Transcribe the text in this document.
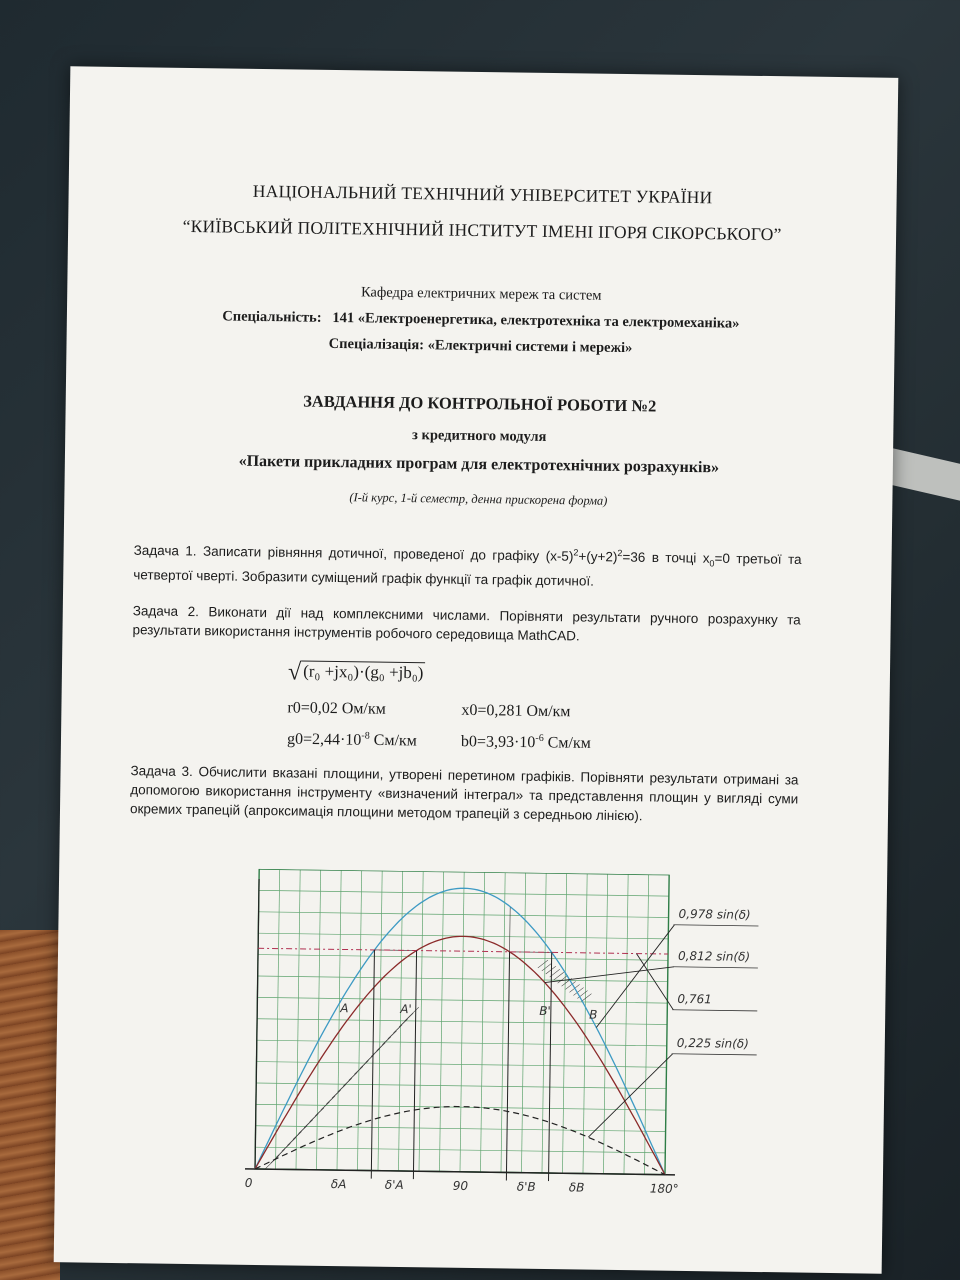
НАЦІОНАЛЬНИЙ ТЕХНІЧНИЙ УНІВЕРСИТЕТ УКРАЇНИ
“КИЇВСЬКИЙ ПОЛІТЕХНІЧНИЙ ІНСТИТУТ ІМЕНІ ІГОРЯ СІКОРСЬКОГО”
Кафедра електричних мереж та систем
Спеціальність: 141 «Електроенергетика, електротехніка та електромеханіка»
Спеціалізація: «Електричні системи і мережі»
ЗАВДАННЯ ДО КОНТРОЛЬНОЇ РОБОТИ №2
з кредитного модуля
«Пакети прикладних програм для електротехнічних розрахунків»
(І-й курс, 1-й семестр, денна прискорена форма)
Задача 1. Записати рівняння дотичної, проведеної до графіку $(x-5)^2+(y+2)^2=36$ в точці $x_0=0$ третьої та четвертої чверті. Зобразити суміщений графік функції та графік дотичної.
Задача 2. Виконати дії над комплексними числами. Порівняти результати ручного розрахунку та результати використання інструментів робочого середовища MathCAD.
√ (r₀ +jx₀)·(g₀ +jb₀)
r0=0,02 Ом/км	x0=0,281 Ом/км
$g0=2,44\cdot 10^{-8}$ См/км	$b0=3,93\cdot 10^{-6}$ См/км
Задача 3. Обчислити вказані площини, утворені перетином графіків. Порівняти результати отримані за допомогою використання інструменту «визначений інтеграл» та представлення площин у вигляді суми окремих трапецій (апроксимація площини методом трапецій з середньою лінією).
0,978 sin(δ)
0,812 sin(δ)
0,761
0,225 sin(δ)
A	A'	B'	B
0	δA	δ'A	90	δ'B	δB	180°
